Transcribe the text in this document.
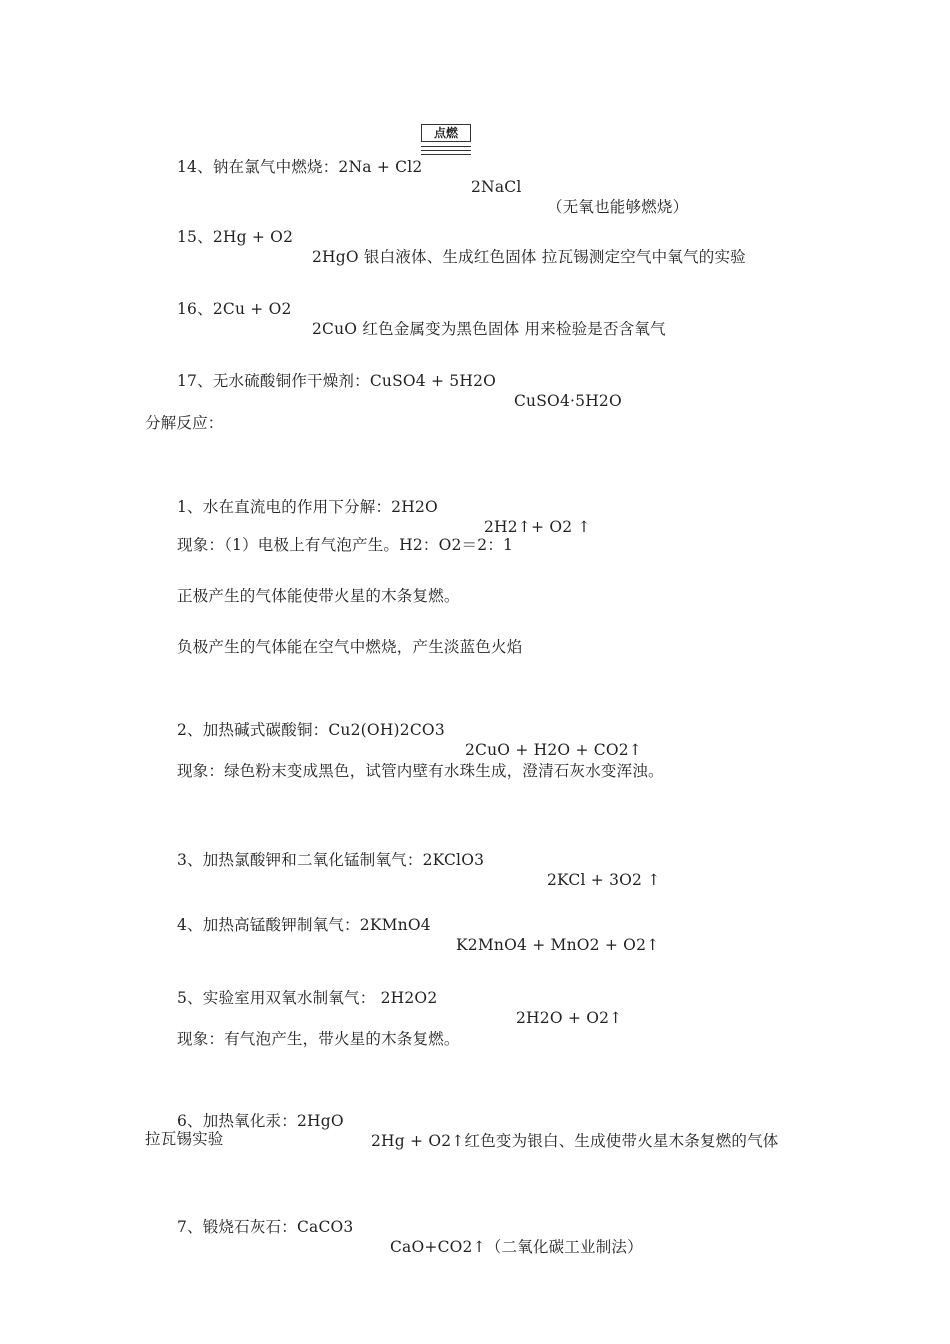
14、钠在氯气中燃烧：2Na + Cl2

2NaCl

（无氧也能够燃烧）

点燃

15、2Hg + O2

2HgO 银白液体、生成红色固体 拉瓦锡测定空气中氧气的实验

16、2Cu + O2

2CuO 红色金属变为黑色固体 用来检验是否含氧气

17、无水硫酸铜作干燥剂：CuSO4 + 5H2O

CuSO4·5H2O

分解反应：

1、水在直流电的作用下分解：2H2O

2H2↑+ O2 ↑

现象：（1）电极上有气泡产生。H2：O2＝2：1
正极产生的气体能使带火星的木条复燃。
负极产生的气体能在空气中燃烧，产生淡蓝色火焰

2、加热碱式碳酸铜：Cu2(OH)2CO3

2CuO + H2O + CO2↑

现象：绿色粉末变成黑色，试管内壁有水珠生成，澄清石灰水变浑浊。

3、加热氯酸钾和二氧化锰制氧气：2KClO3

2KCl + 3O2 ↑

4、加热高锰酸钾制氧气：2KMnO4

K2MnO4 + MnO2 + O2↑

5、实验室用双氧水制氧气： 2H2O2

2H2O + O2↑

现象：有气泡产生，带火星的木条复燃。

6、加热氧化汞：2HgO

2Hg + O2↑红色变为银白、生成使带火星木条复燃的气体

拉瓦锡实验

7、锻烧石灰石：CaCO3

CaO+CO2↑（二氧化碳工业制法）
